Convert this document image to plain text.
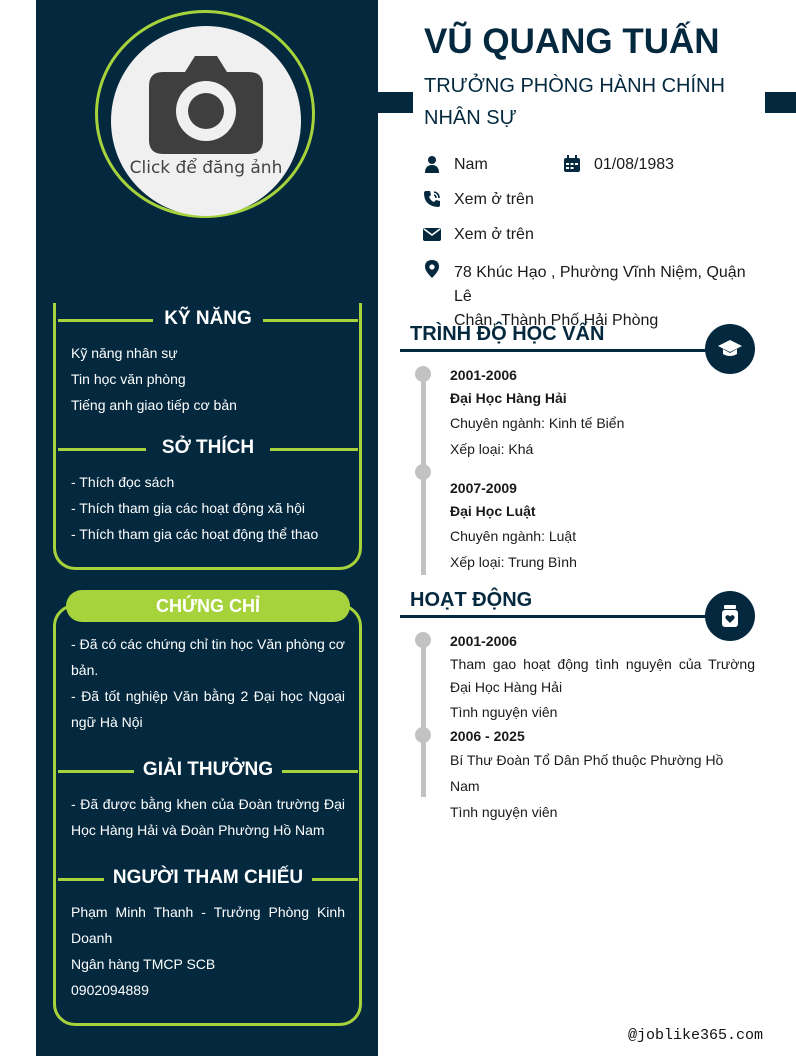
Click để đăng ảnh
KỸ NĂNG
Kỹ năng nhân sự
Tin học văn phòng
Tiếng anh giao tiếp cơ bản
SỞ THÍCH
- Thích đọc sách
- Thích tham gia các hoạt động xã hội
- Thích tham gia các hoạt động thể thao
CHỨNG CHỈ
- Đã có các chứng chỉ tin học Văn phòng cơ bản.
- Đã tốt nghiệp Văn bằng 2 Đại học Ngoại ngữ Hà Nội
GIẢI THƯỞNG
- Đã được bằng khen của Đoàn trường Đại Học Hàng Hải và Đoàn Phường Hồ Nam
NGƯỜI THAM CHIẾU
Phạm Minh Thanh - Trưởng Phòng Kinh Doanh
Ngân hàng TMCP SCB
0902094889
VŨ QUANG TUẤN
TRƯỞNG PHÒNG HÀNH CHÍNH
NHÂN SỰ
Nam	01/08/1983
Xem ở trên
Xem ở trên
78 Khúc Hạo , Phường Vĩnh Niệm, Quận Lê
Chân, Thành Phố Hải Phòng
TRÌNH ĐỘ HỌC VẤN
2001-2006
Đại Học Hàng Hải
Chuyên ngành: Kinh tế Biển
Xếp loại: Khá
2007-2009
Đại Học Luật
Chuyên ngành: Luật
Xếp loại: Trung Bình
HOẠT ĐỘNG
2001-2006
Tham gao hoạt động tình nguyện của Trường Đại Học Hàng Hải
Tình nguyện viên
2006 - 2025
Bí Thư Đoàn Tổ Dân Phố thuộc Phường Hồ Nam
Tình nguyện viên
@joblike365.com
